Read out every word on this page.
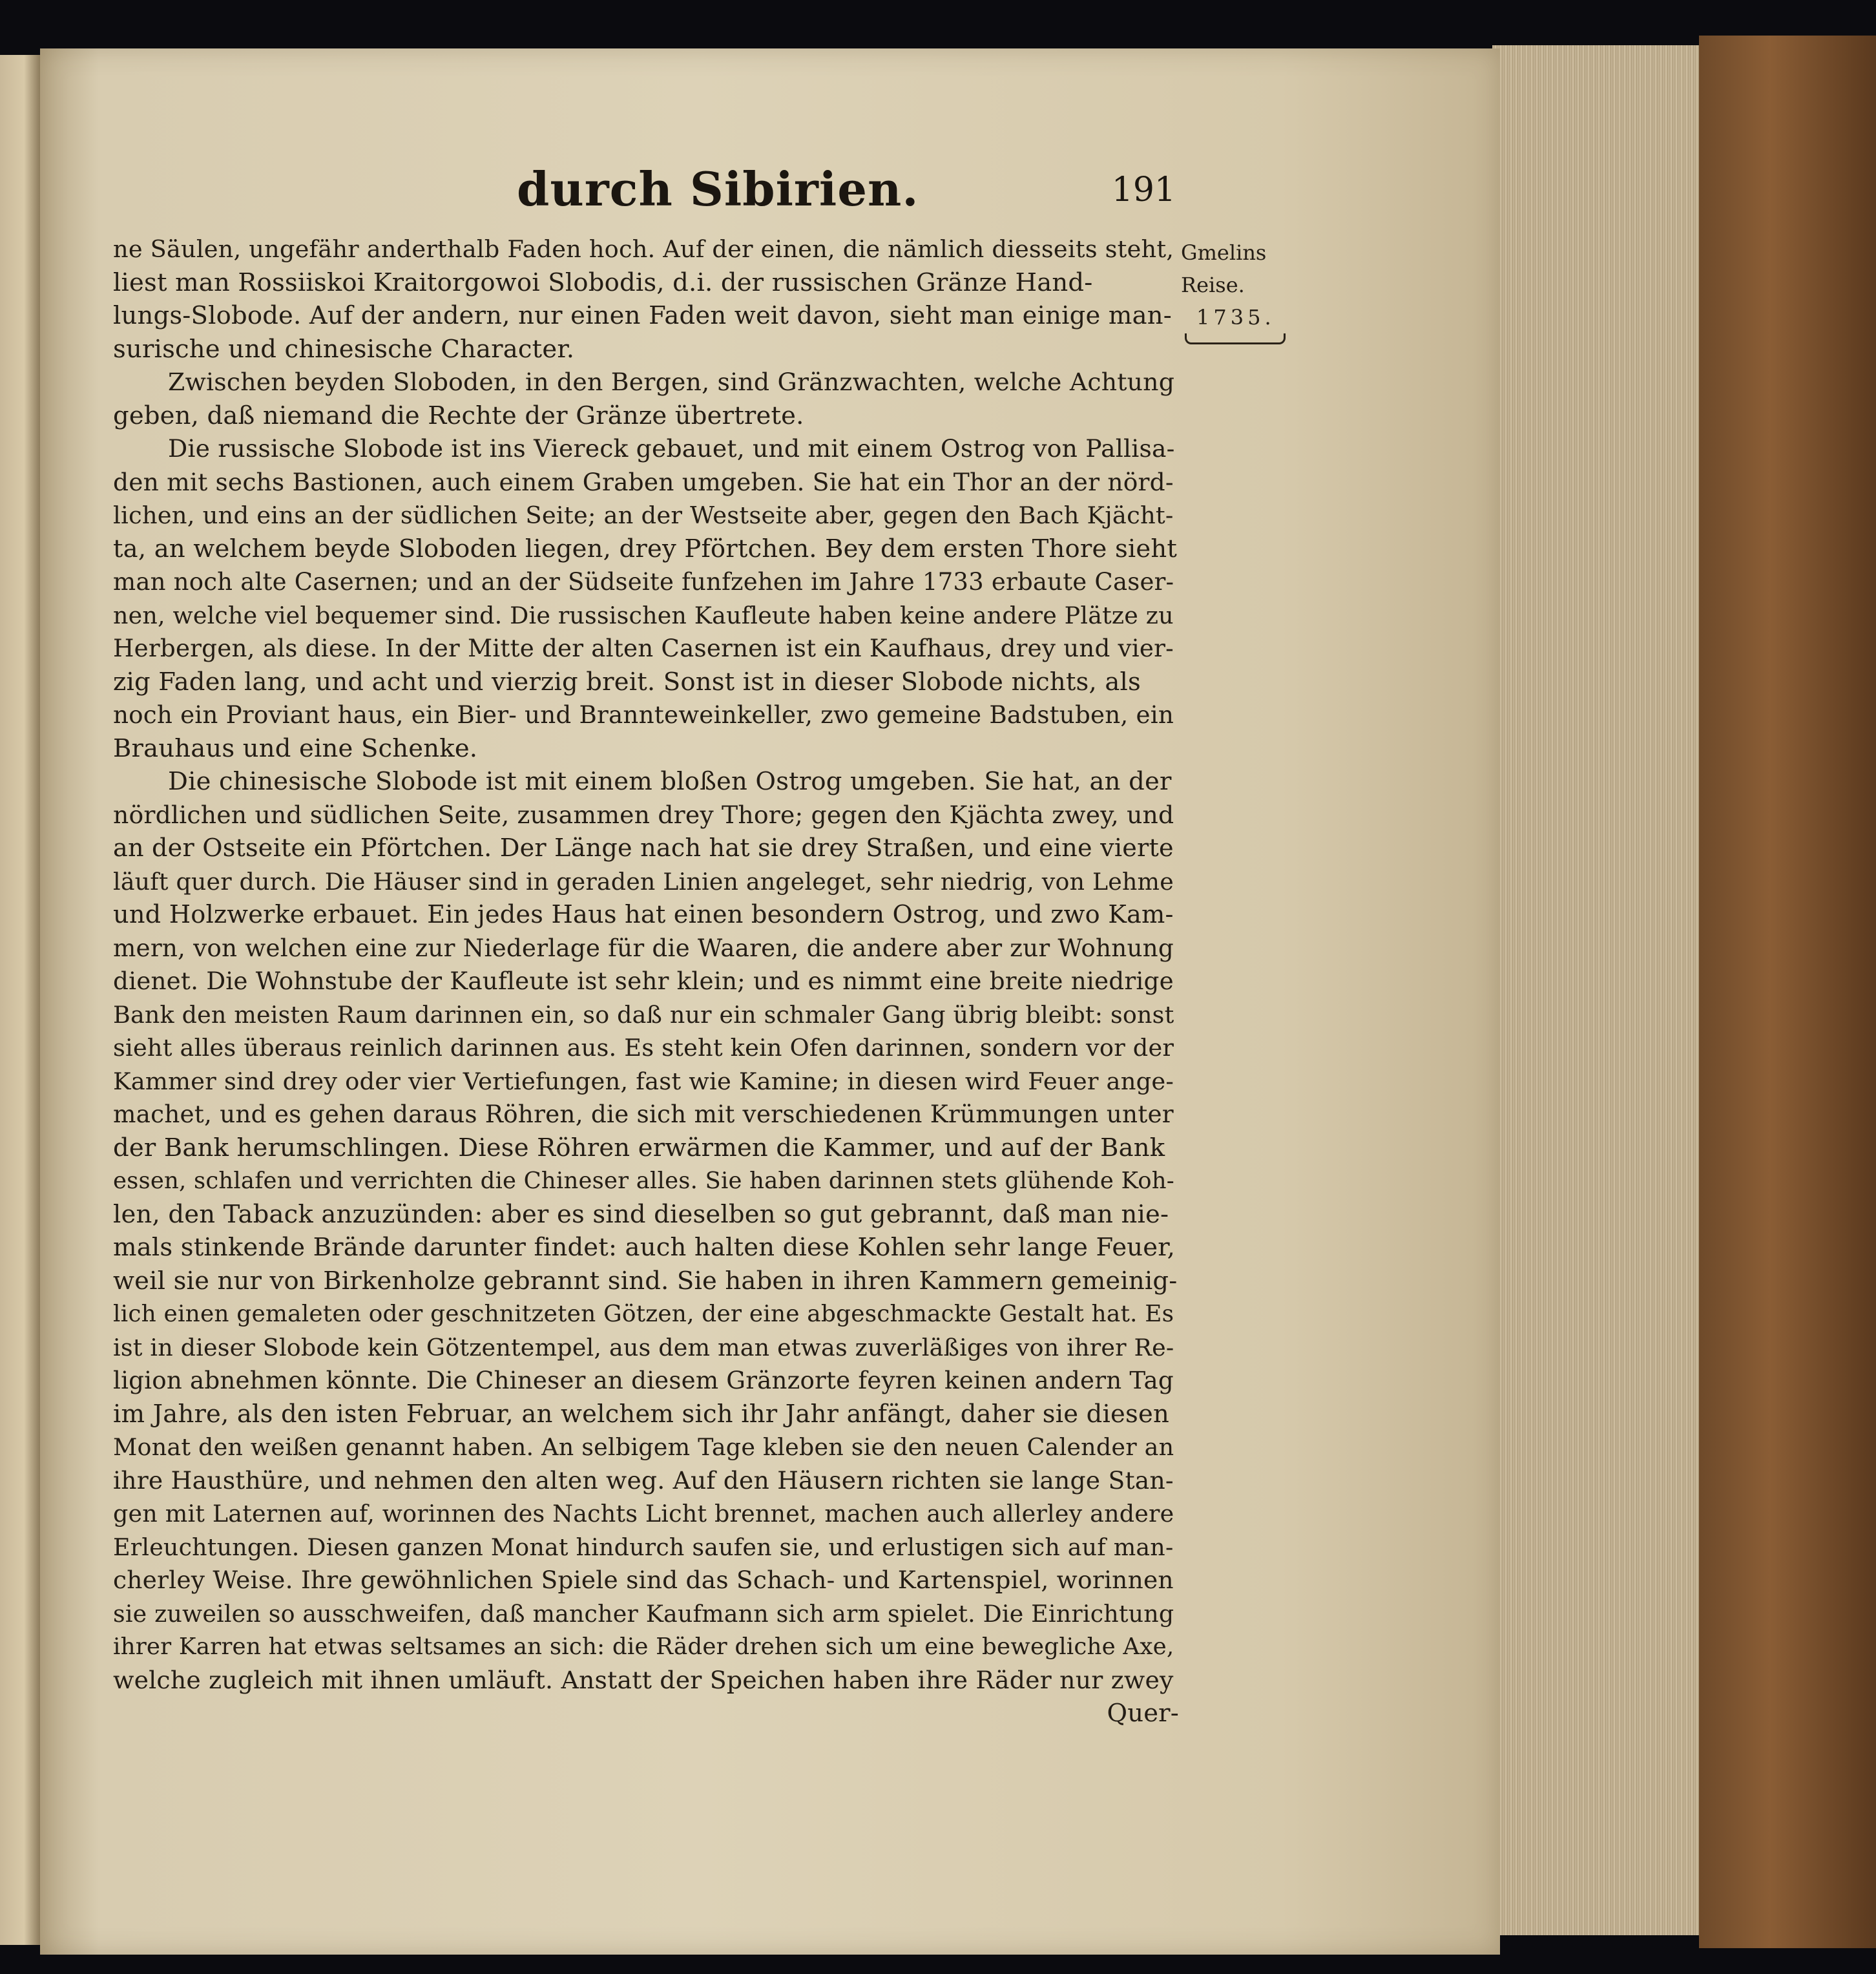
durch Sibirien.	191
Gmelins
Reise.
1735.
ne Säulen, ungefähr anderthalb Faden hoch. Auf der einen, die nämlich diesseits steht,
liest man Rossiiskoi Kraitorgowoi Slobodis, d.i. der russischen Gränze Hand-
lungs-Slobode. Auf der andern, nur einen Faden weit davon, sieht man einige man-
surische und chinesische Character.
Zwischen beyden Sloboden, in den Bergen, sind Gränzwachten, welche Achtung
geben, daß niemand die Rechte der Gränze übertrete.
Die russische Slobode ist ins Viereck gebauet, und mit einem Ostrog von Pallisa-
den mit sechs Bastionen, auch einem Graben umgeben. Sie hat ein Thor an der nörd-
lichen, und eins an der südlichen Seite; an der Westseite aber, gegen den Bach Kjächt-
ta, an welchem beyde Sloboden liegen, drey Pförtchen. Bey dem ersten Thore sieht
man noch alte Casernen; und an der Südseite funfzehen im Jahre 1733 erbaute Caser-
nen, welche viel bequemer sind. Die russischen Kaufleute haben keine andere Plätze zu
Herbergen, als diese. In der Mitte der alten Casernen ist ein Kaufhaus, drey und vier-
zig Faden lang, und acht und vierzig breit. Sonst ist in dieser Slobode nichts, als
noch ein Proviant haus, ein Bier- und Brannteweinkeller, zwo gemeine Badstuben, ein
Brauhaus und eine Schenke.
Die chinesische Slobode ist mit einem bloßen Ostrog umgeben. Sie hat, an der
nördlichen und südlichen Seite, zusammen drey Thore; gegen den Kjächta zwey, und
an der Ostseite ein Pförtchen. Der Länge nach hat sie drey Straßen, und eine vierte
läuft quer durch. Die Häuser sind in geraden Linien angeleget, sehr niedrig, von Lehme
und Holzwerke erbauet. Ein jedes Haus hat einen besondern Ostrog, und zwo Kam-
mern, von welchen eine zur Niederlage für die Waaren, die andere aber zur Wohnung
dienet. Die Wohnstube der Kaufleute ist sehr klein; und es nimmt eine breite niedrige
Bank den meisten Raum darinnen ein, so daß nur ein schmaler Gang übrig bleibt: sonst
sieht alles überaus reinlich darinnen aus. Es steht kein Ofen darinnen, sondern vor der
Kammer sind drey oder vier Vertiefungen, fast wie Kamine; in diesen wird Feuer ange-
machet, und es gehen daraus Röhren, die sich mit verschiedenen Krümmungen unter
der Bank herumschlingen. Diese Röhren erwärmen die Kammer, und auf der Bank
essen, schlafen und verrichten die Chineser alles. Sie haben darinnen stets glühende Koh-
len, den Taback anzuzünden: aber es sind dieselben so gut gebrannt, daß man nie-
mals stinkende Brände darunter findet: auch halten diese Kohlen sehr lange Feuer,
weil sie nur von Birkenholze gebrannt sind. Sie haben in ihren Kammern gemeinig-
lich einen gemaleten oder geschnitzeten Götzen, der eine abgeschmackte Gestalt hat. Es
ist in dieser Slobode kein Götzentempel, aus dem man etwas zuverläßiges von ihrer Re-
ligion abnehmen könnte. Die Chineser an diesem Gränzorte feyren keinen andern Tag
im Jahre, als den isten Februar, an welchem sich ihr Jahr anfängt, daher sie diesen
Monat den weißen genannt haben. An selbigem Tage kleben sie den neuen Calender an
ihre Hausthüre, und nehmen den alten weg. Auf den Häusern richten sie lange Stan-
gen mit Laternen auf, worinnen des Nachts Licht brennet, machen auch allerley andere
Erleuchtungen. Diesen ganzen Monat hindurch saufen sie, und erlustigen sich auf man-
cherley Weise. Ihre gewöhnlichen Spiele sind das Schach- und Kartenspiel, worinnen
sie zuweilen so ausschweifen, daß mancher Kaufmann sich arm spielet. Die Einrichtung
ihrer Karren hat etwas seltsames an sich: die Räder drehen sich um eine bewegliche Axe,
welche zugleich mit ihnen umläuft. Anstatt der Speichen haben ihre Räder nur zwey
Quer-
